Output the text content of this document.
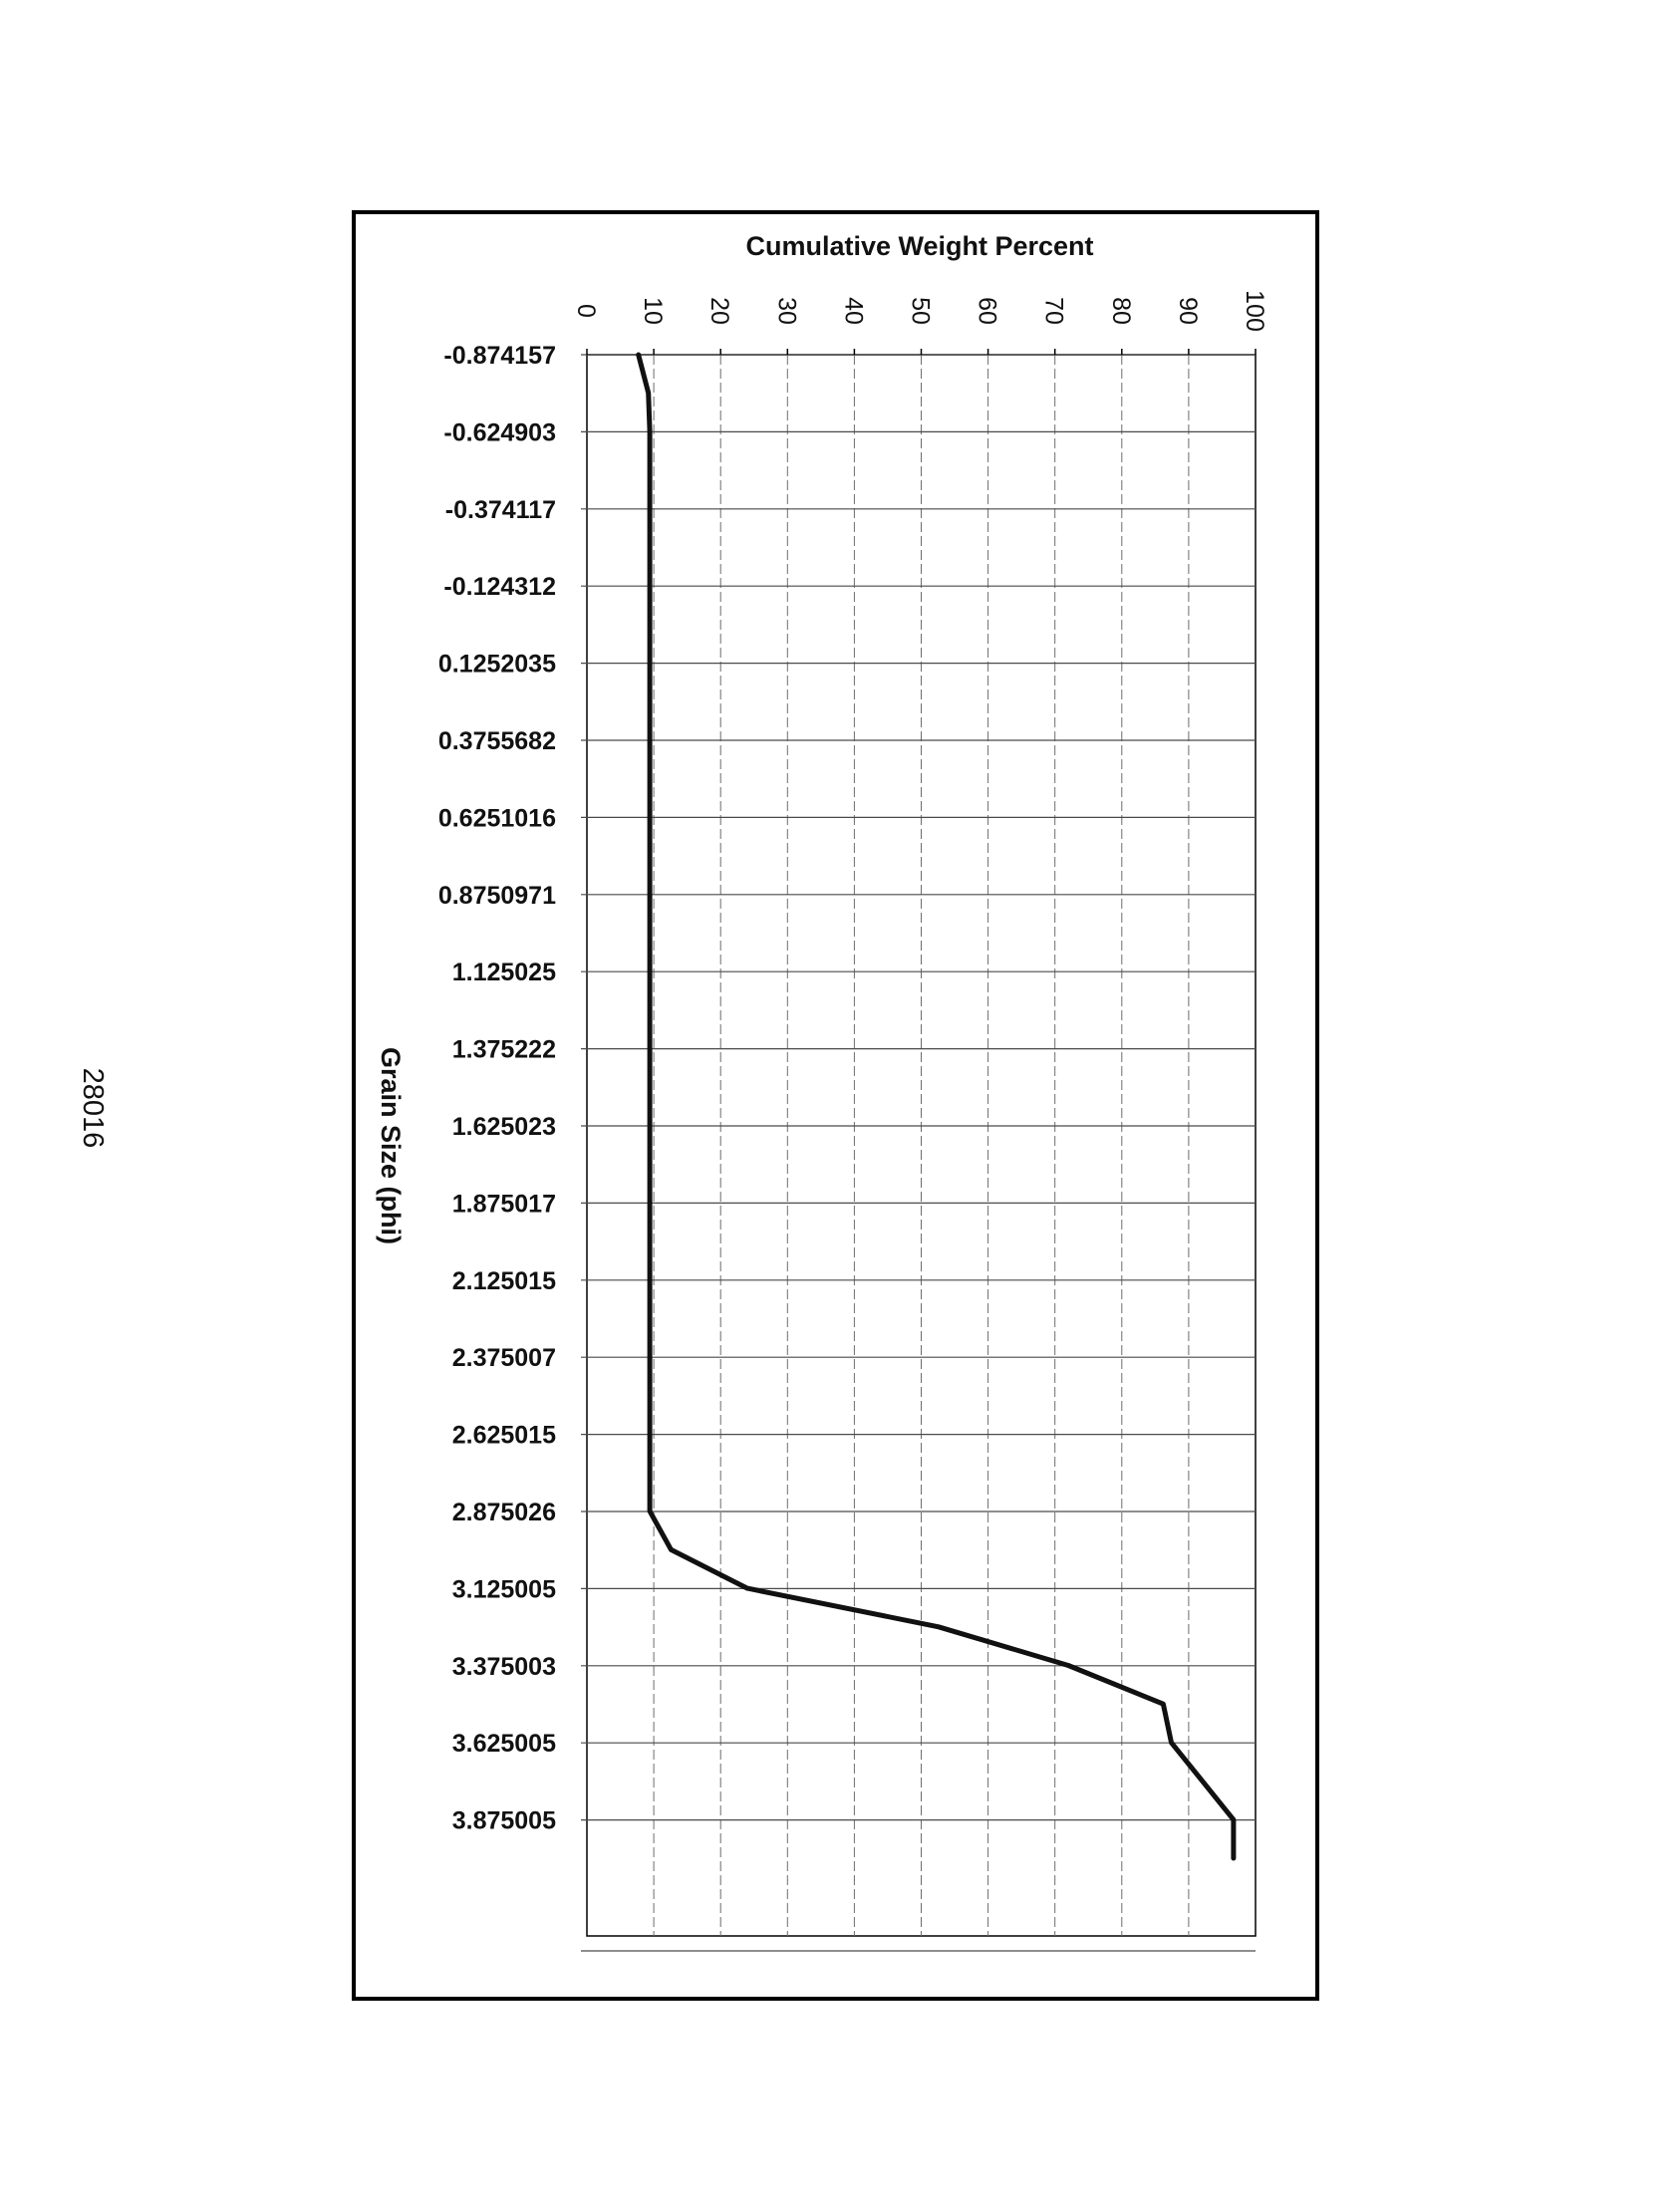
0 10 20 30 40 50 60 70 80 90 100
-0.874157
-0.624903
-0.374117
-0.124312
0.1252035
0.3755682
0.6251016
0.8750971
1.125025
1.375222
1.625023
1.875017
2.125015
2.375007
2.625015
2.875026
3.125005
3.375003
3.625005
3.875005
Cumulative Weight Percent
Grain Size (phi)
28016
